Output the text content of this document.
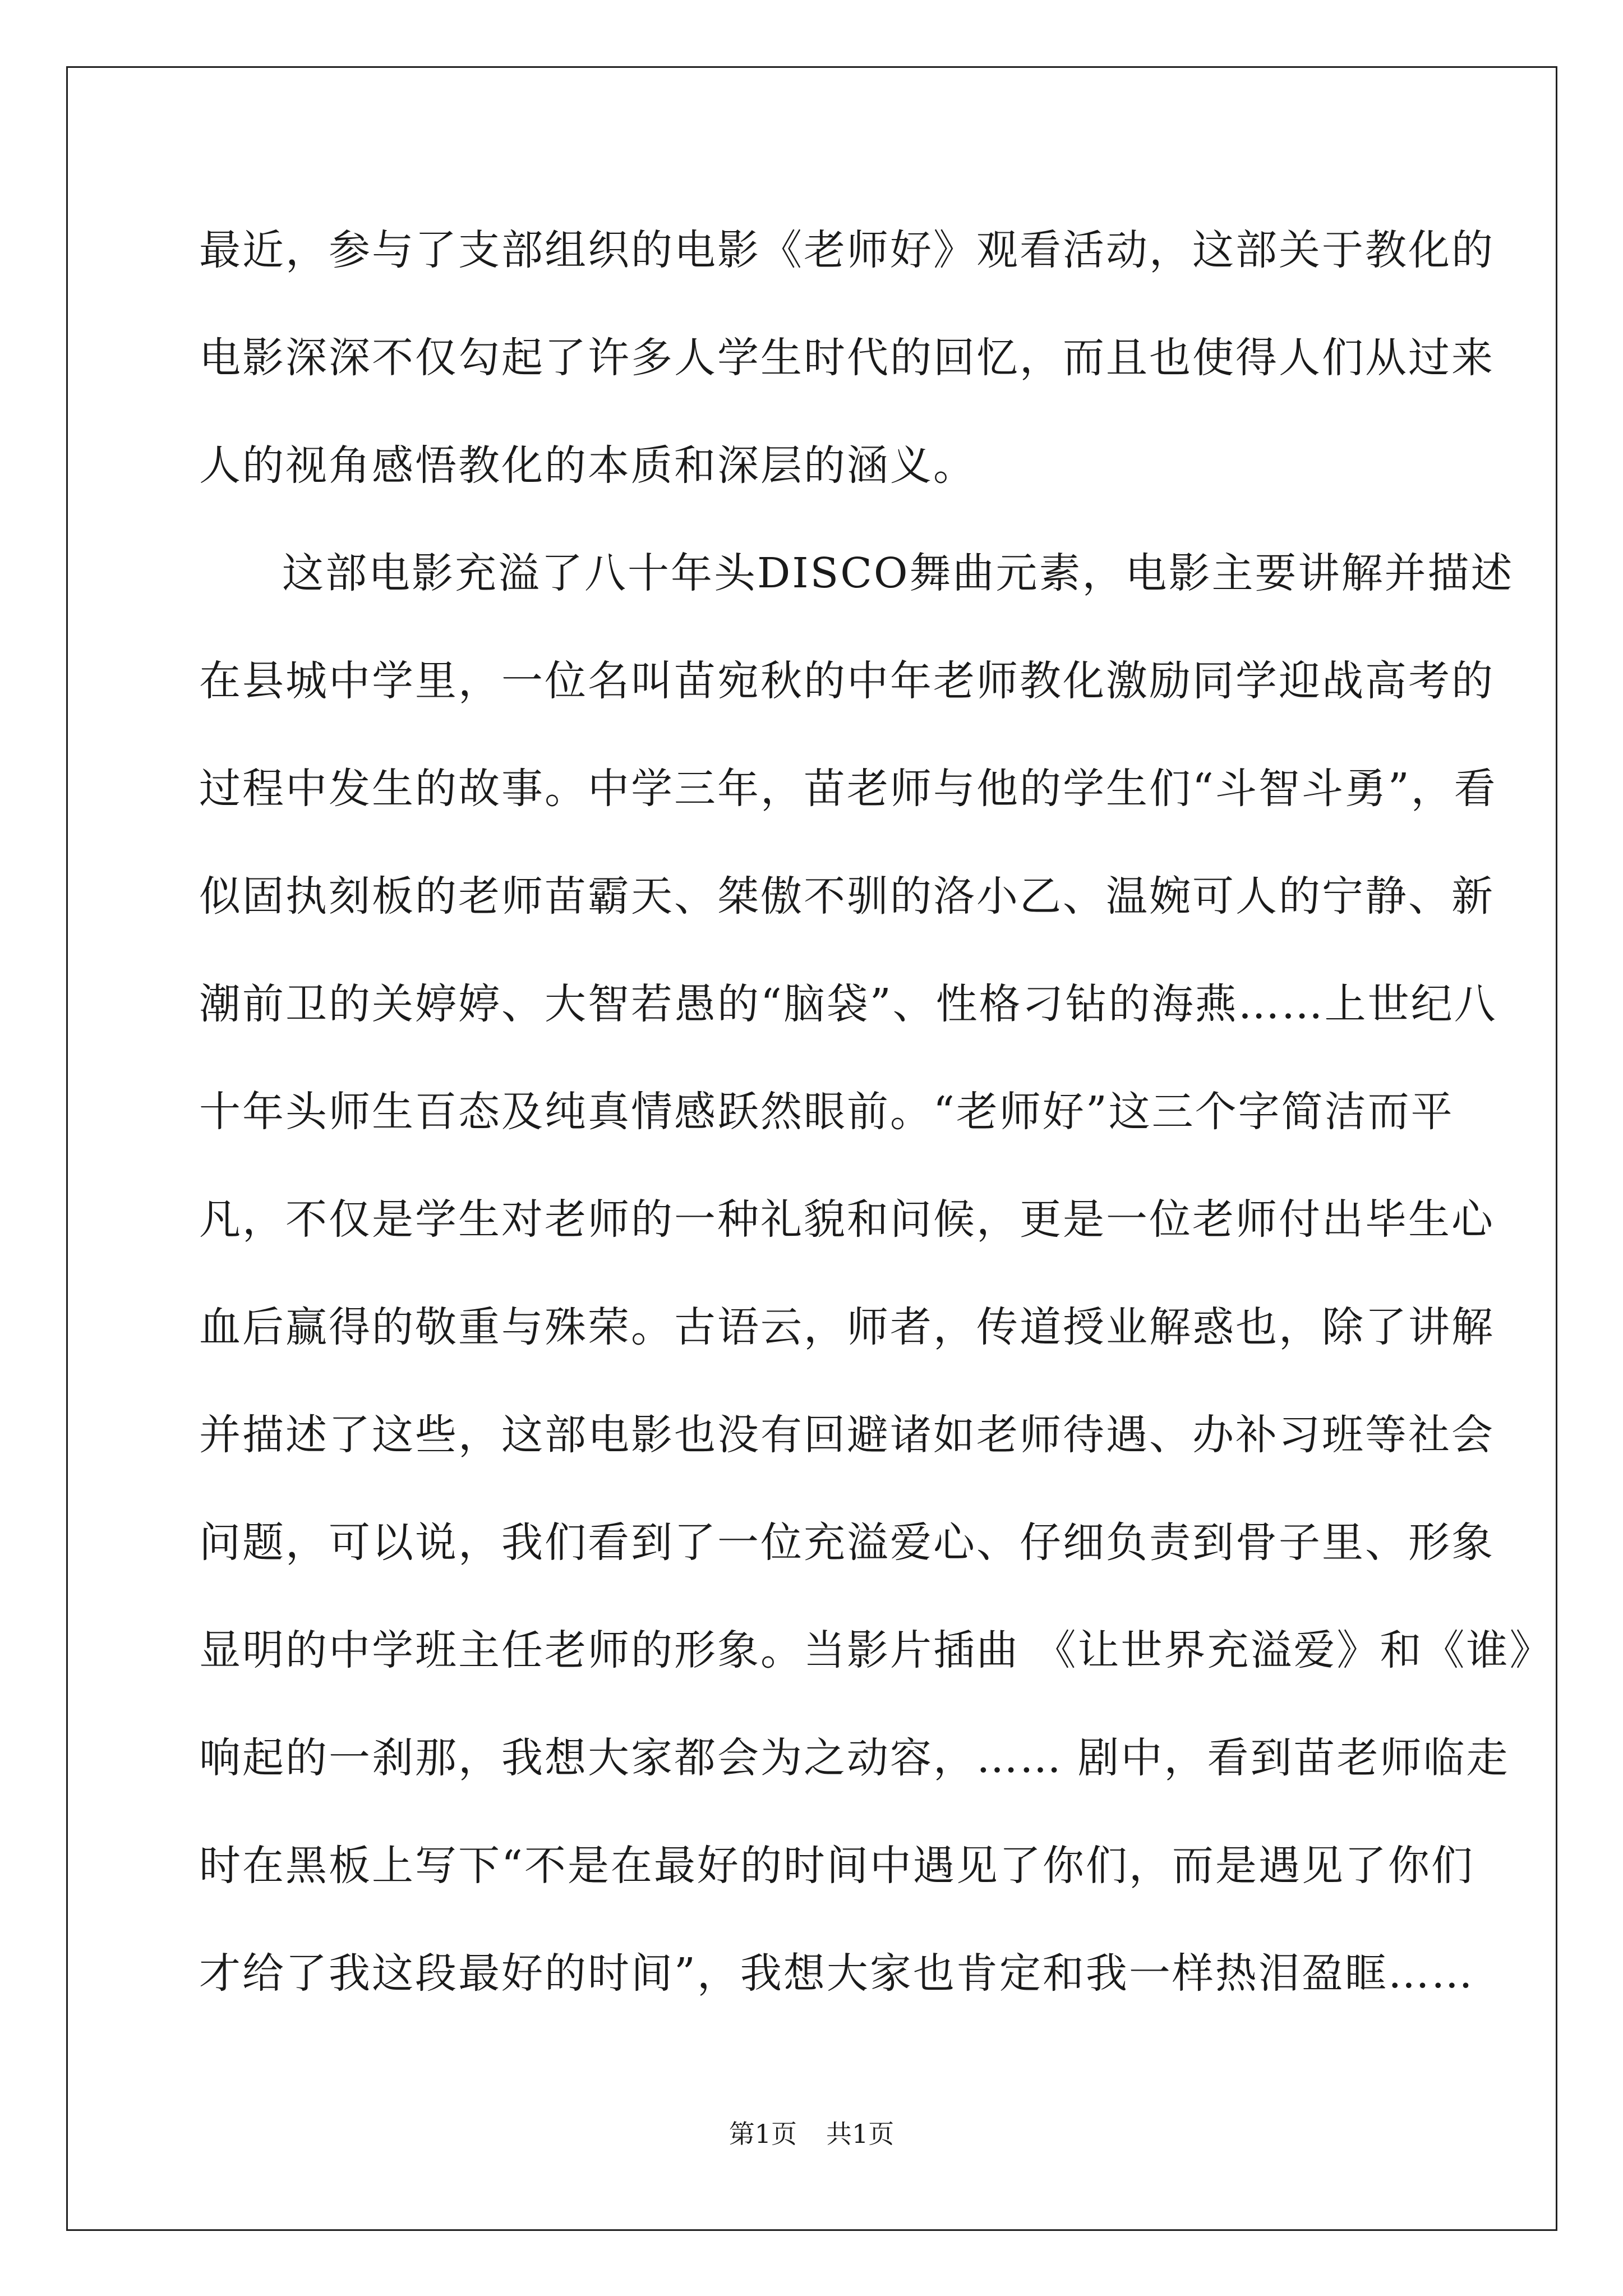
最近，参与了支部组织的电影《老师好》观看活动，这部关于教化的
电影深深不仅勾起了许多人学生时代的回忆，而且也使得人们从过来
人的视角感悟教化的本质和深层的涵义。
这部电影充溢了八十年头DISCO舞曲元素，电影主要讲解并描述
在县城中学里，一位名叫苗宛秋的中年老师教化激励同学迎战高考的
过程中发生的故事。中学三年，苗老师与他的学生们“斗智斗勇”，看
似固执刻板的老师苗霸天、桀傲不驯的洛小乙、温婉可人的宁静、新
潮前卫的关婷婷、大智若愚的“脑袋”、性格刁钻的海燕……上世纪八
十年头师生百态及纯真情感跃然眼前。“老师好”这三个字简洁而平
凡，不仅是学生对老师的一种礼貌和问候，更是一位老师付出毕生心
血后赢得的敬重与殊荣。古语云，师者，传道授业解惑也，除了讲解
并描述了这些，这部电影也没有回避诸如老师待遇、办补习班等社会
问题，可以说，我们看到了一位充溢爱心、仔细负责到骨子里、形象
显明的中学班主任老师的形象。当影片插曲 《让世界充溢爱》和《谁》
响起的一刹那，我想大家都会为之动容，…… 剧中，看到苗老师临走
时在黑板上写下“不是在最好的时间中遇见了你们，而是遇见了你们
才给了我这段最好的时间”，我想大家也肯定和我一样热泪盈眶……
第1页 共1页
